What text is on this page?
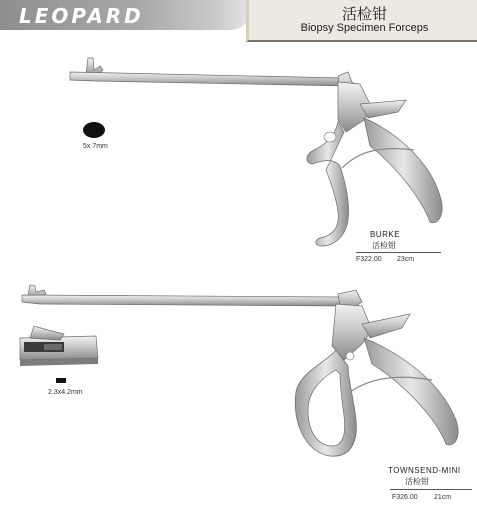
LEOPARD	活检钳
Biopsy Specimen Forceps
5x 7mm
BURKE
活检钳
F322.00 23cm
2.3x4.2mm
TOWNSEND-MINI
活检钳
F326.00 21cm
